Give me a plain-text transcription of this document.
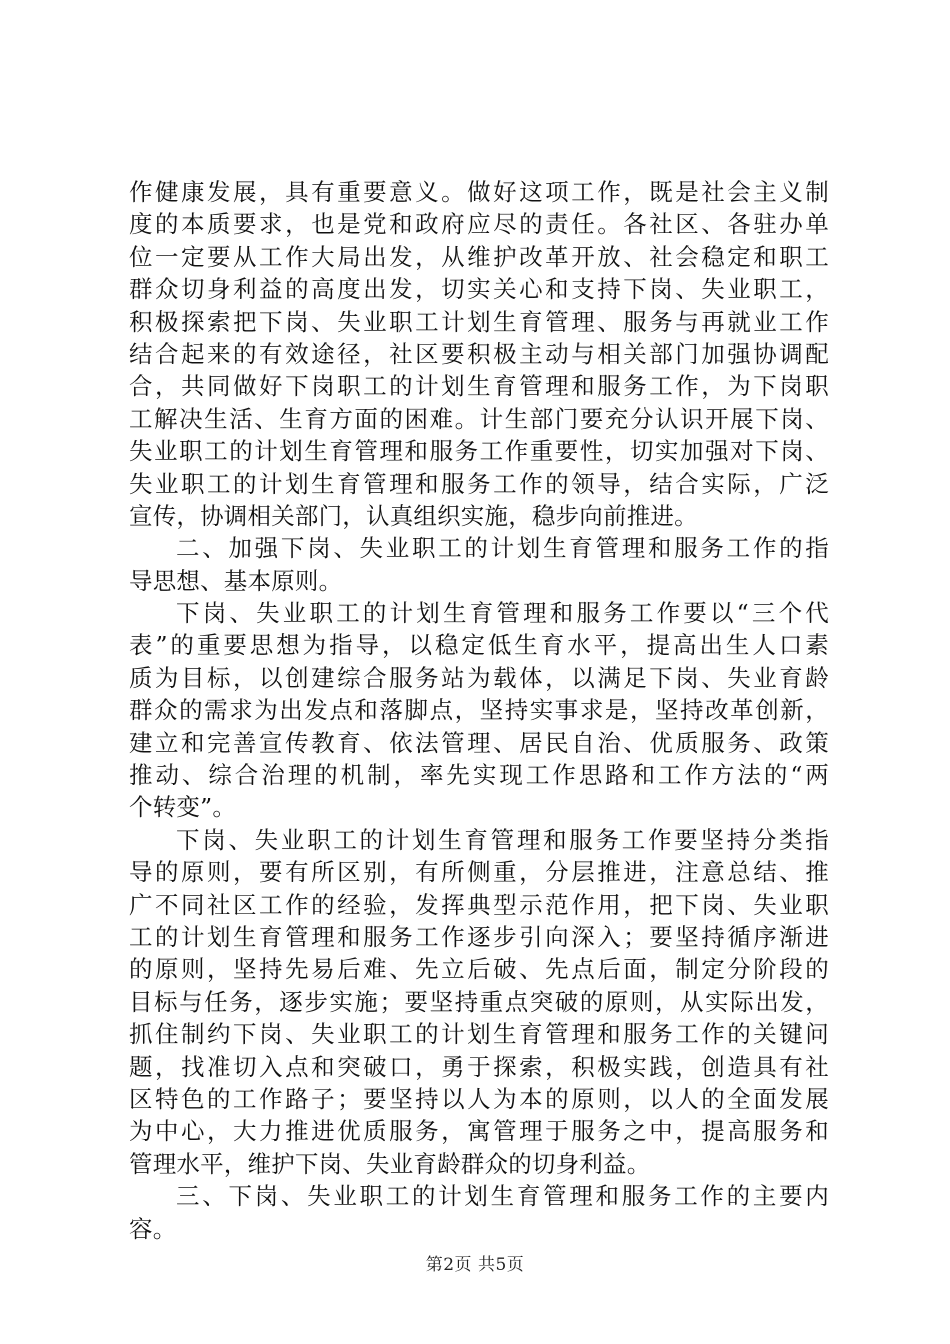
作健康发展，具有重要意义。做好这项工作，既是社会主义制
度的本质要求，也是党和政府应尽的责任。各社区、各驻办单
位一定要从工作大局出发，从维护改革开放、社会稳定和职工
群众切身利益的高度出发，切实关心和支持下岗、失业职工，
积极探索把下岗、失业职工计划生育管理、服务与再就业工作
结合起来的有效途径，社区要积极主动与相关部门加强协调配
合，共同做好下岗职工的计划生育管理和服务工作，为下岗职
工解决生活、生育方面的困难。计生部门要充分认识开展下岗、
失业职工的计划生育管理和服务工作重要性，切实加强对下岗、
失业职工的计划生育管理和服务工作的领导，结合实际，广泛
宣传，协调相关部门，认真组织实施，稳步向前推进。
二、加强下岗、失业职工的计划生育管理和服务工作的指
导思想、基本原则。
下岗、失业职工的计划生育管理和服务工作要以“三个代
表”的重要思想为指导，以稳定低生育水平，提高出生人口素
质为目标，以创建综合服务站为载体，以满足下岗、失业育龄
群众的需求为出发点和落脚点，坚持实事求是，坚持改革创新，
建立和完善宣传教育、依法管理、居民自治、优质服务、政策
推动、综合治理的机制，率先实现工作思路和工作方法的“两
个转变”。
下岗、失业职工的计划生育管理和服务工作要坚持分类指
导的原则，要有所区别，有所侧重，分层推进，注意总结、推
广不同社区工作的经验，发挥典型示范作用，把下岗、失业职
工的计划生育管理和服务工作逐步引向深入；要坚持循序渐进
的原则，坚持先易后难、先立后破、先点后面，制定分阶段的
目标与任务，逐步实施；要坚持重点突破的原则，从实际出发，
抓住制约下岗、失业职工的计划生育管理和服务工作的关键问
题，找准切入点和突破口，勇于探索，积极实践，创造具有社
区特色的工作路子；要坚持以人为本的原则，以人的全面发展
为中心，大力推进优质服务，寓管理于服务之中，提高服务和
管理水平，维护下岗、失业育龄群众的切身利益。
三、下岗、失业职工的计划生育管理和服务工作的主要内
容。
第2页 共5页
